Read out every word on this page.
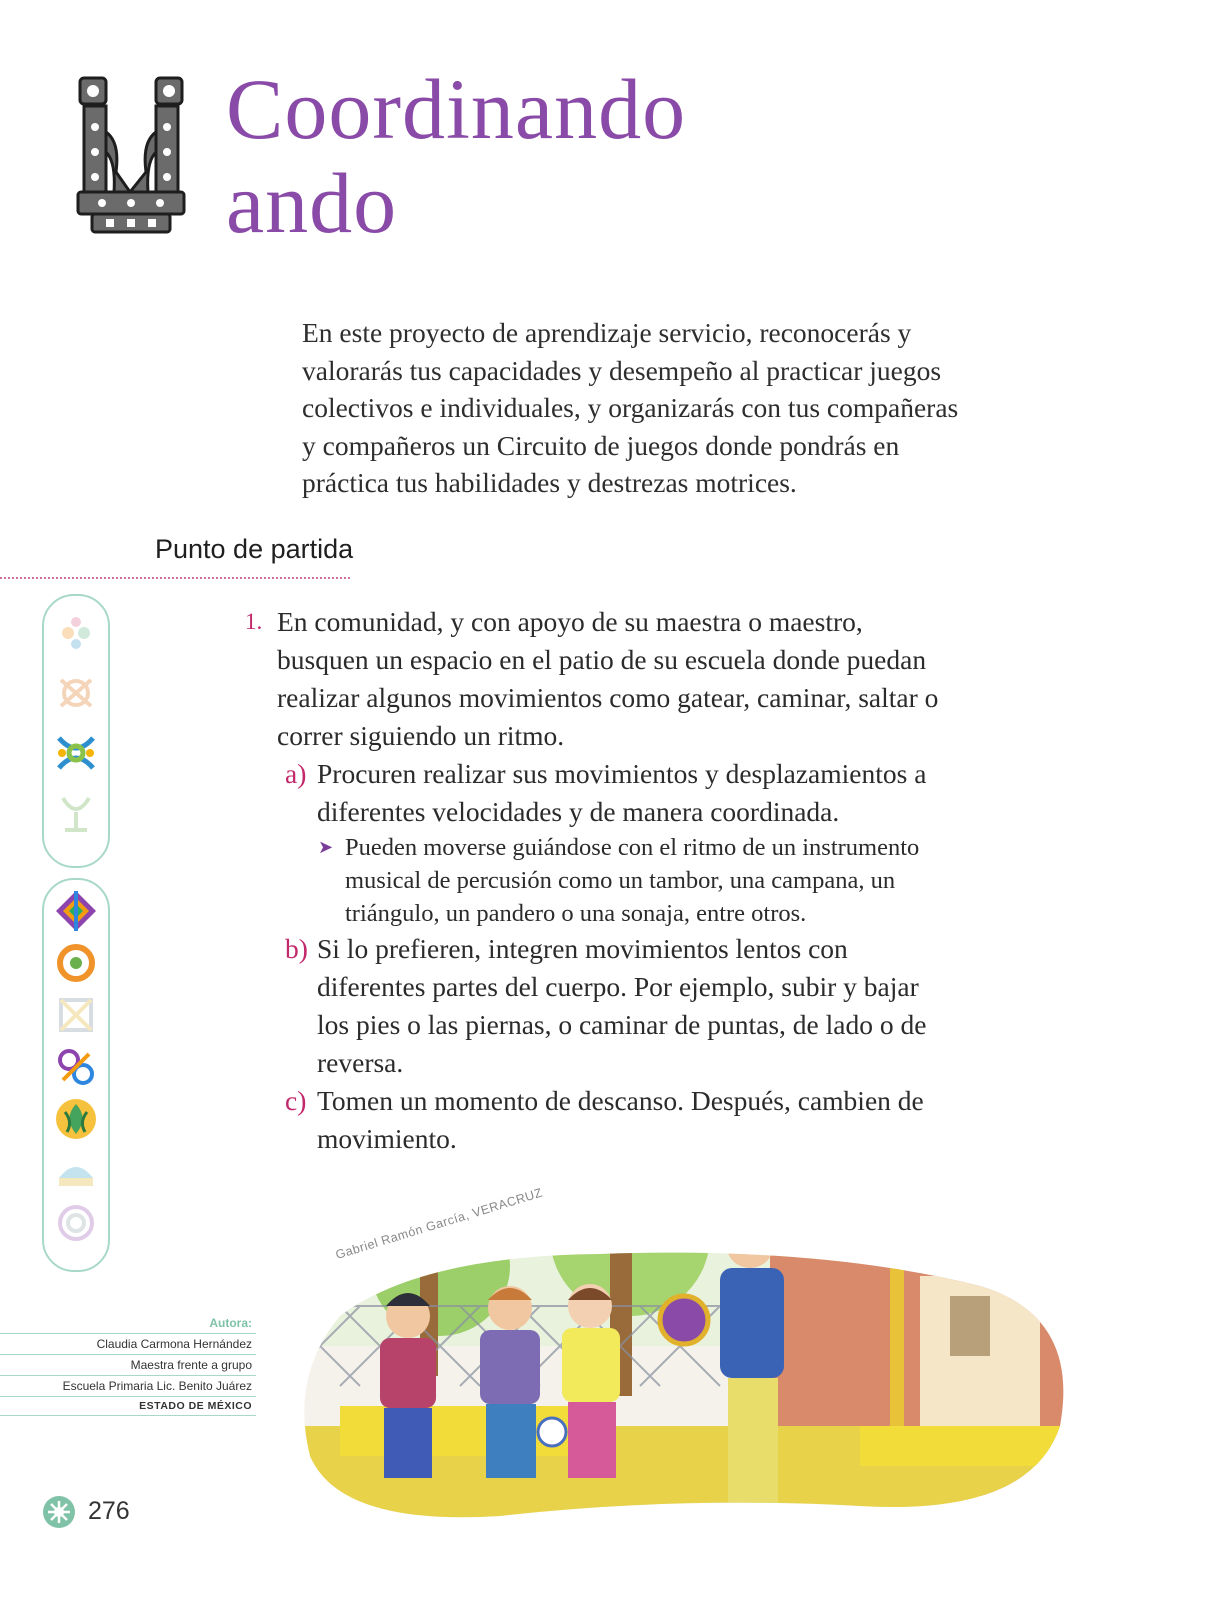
Coordinando
ando

En este proyecto de aprendizaje servicio, reconocerás y valorarás tus capacidades y desempeño al practicar juegos colectivos e individuales, y organizarás con tus compañeras y compañeros un Circuito de juegos donde pondrás en práctica tus habilidades y destrezas motrices.

Punto de partida
1. En comunidad, y con apoyo de su maestra o maestro, busquen un espacio en el patio de su escuela donde puedan realizar algunos movimientos como gatear, caminar, saltar o correr siguiendo un ritmo.

a) Procuren realizar sus movimientos y desplazamientos a diferentes velocidades y de manera coordinada.

➤ Pueden moverse guiándose con el ritmo de un instrumento musical de percusión como un tambor, una campana, un triángulo, un pandero o una sonaja, entre otros.

b) Si lo prefieren, integren movimientos lentos con diferentes partes del cuerpo. Por ejemplo, subir y bajar los pies o las piernas, o caminar de puntas, de lado o de reversa.

c) Tomen un momento de descanso. Después, cambien de movimiento.

Gabriel Ramón García, VERACRUZ
Autora:
Claudia Carmona Hernández
Maestra frente a grupo
Escuela Primaria Lic. Benito Juárez
ESTADO DE MÉXICO
276
